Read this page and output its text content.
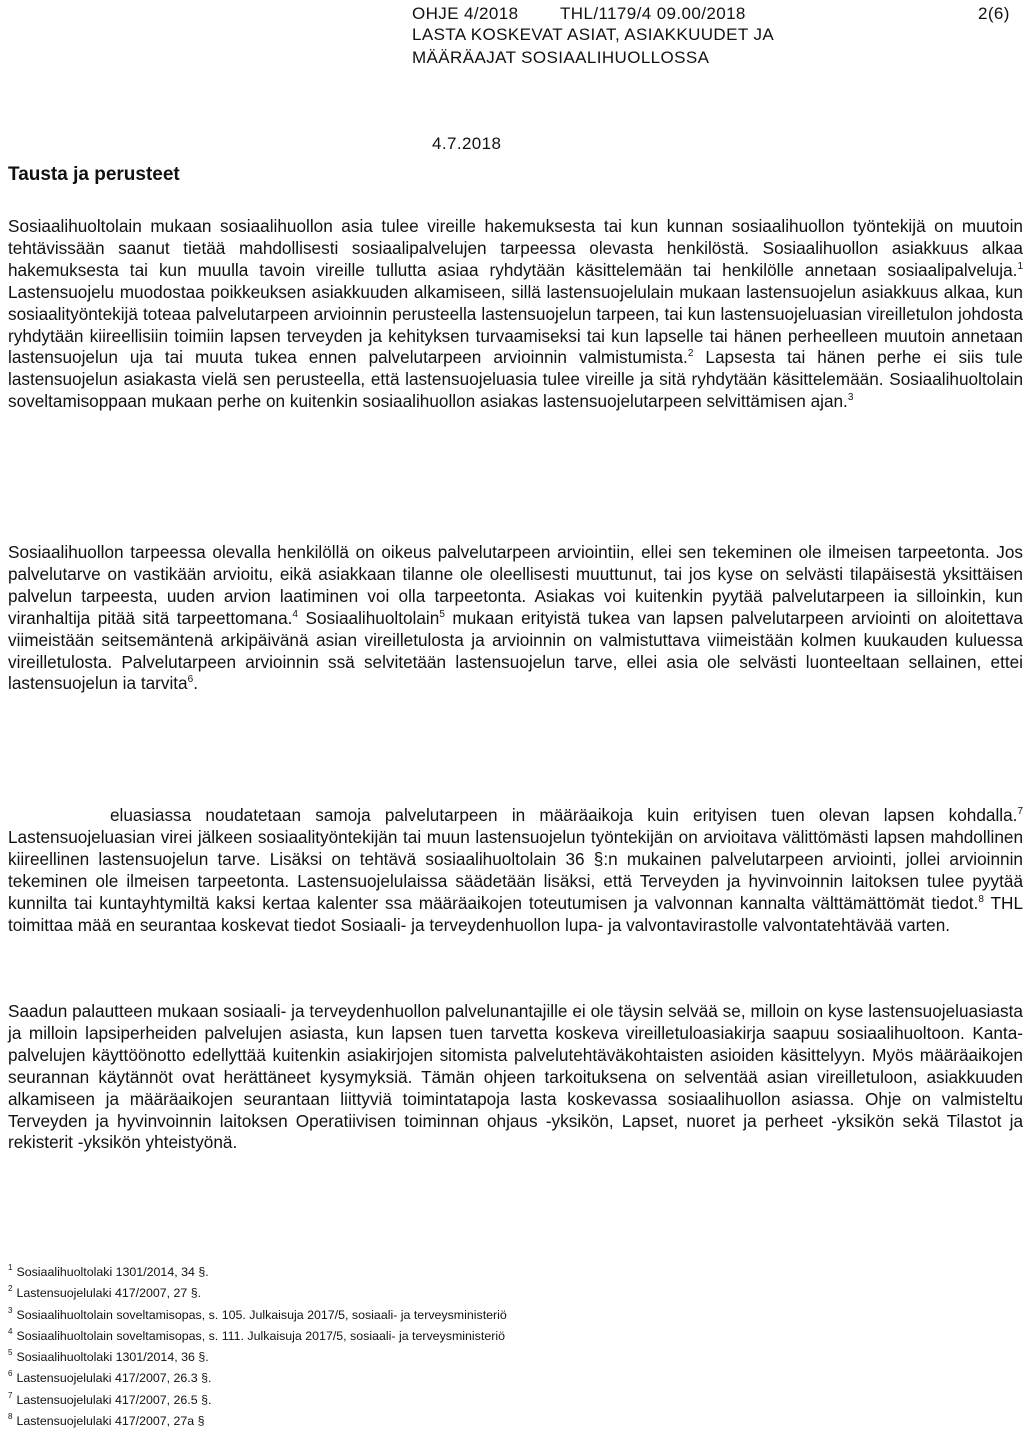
OHJE 4/2018 THL/1179/4 09.00/2018	2(6)
LASTA KOSKEVAT ASIAT, ASIAKKUUDET JA
MÄÄRÄAJAT SOSIAALIHUOLLOSSA
4.7.2018
Tausta ja perusteet

Sosiaalihuoltolain mukaan sosiaalihuollon asia tulee vireille hakemuksesta tai kun kunnan sosiaalihuollon työntekijä on muutoin tehtävissään saanut tietää mahdollisesti sosiaalipalvelujen tarpeessa olevasta henkilöstä. Sosiaalihuollon asiakkuus alkaa hakemuksesta tai kun muulla tavoin vireille tullutta asiaa ryhdytään käsittelemään tai henkilölle annetaan sosiaalipalveluja.$^1$ Lastensuojelu muodostaa poikkeuksen asiakkuuden alkamiseen, sillä lastensuojelulain mukaan lastensuojelun asiakkuus alkaa, kun sosiaalityöntekijä toteaa palvelutarpeen arvioinnin perusteella lastensuojelun tarpeen, tai kun lastensuojeluasian vireilletulon johdosta ryhdytään kiireellisiin toimiin lapsen terveyden ja kehityksen turvaamiseksi tai kun lapselle tai hänen perheelleen muutoin annetaan lastensuojelun uja tai muuta tukea ennen palvelutarpeen arvioinnin valmistumista.$^2$ Lapsesta tai hänen perhe ei siis tule lastensuojelun asiakasta vielä sen perusteella, että lastensuojeluasia tulee vireille ja sitä ryhdytään käsittelemään. Sosiaalihuoltolain soveltamisoppaan mukaan perhe on kuitenkin sosiaalihuollon asiakas lastensuojelutarpeen selvittämisen ajan.$^3$

Sosiaalihuollon tarpeessa olevalla henkilöllä on oikeus palvelutarpeen arviointiin, ellei sen tekeminen ole ilmeisen tarpeetonta. Jos palvelutarve on vastikään arvioitu, eikä asiakkaan tilanne ole oleellisesti muuttunut, tai jos kyse on selvästi tilapäisestä yksittäisen palvelun tarpeesta, uuden arvion laatiminen voi olla tarpeetonta. Asiakas voi kuitenkin pyytää palvelutarpeen ia silloinkin, kun viranhaltija pitää sitä tarpeettomana.$^4$ Sosiaalihuoltolain$^5$ mukaan erityistä tukea van lapsen palvelutarpeen arviointi on aloitettava viimeistään seitsemäntenä arkipäivänä asian vireilletulosta ja arvioinnin on valmistuttava viimeistään kolmen kuukauden kuluessa vireilletulosta. Palvelutarpeen arvioinnin ssä selvitetään lastensuojelun tarve, ellei asia ole selvästi luonteeltaan sellainen, ettei lastensuojelun ia tarvita$^6$.

eluasiassa noudatetaan samoja palvelutarpeen in määräaikoja kuin erityisen tuen olevan lapsen kohdalla.$^7$ Lastensuojeluasian virei jälkeen sosiaalityöntekijän tai muun lastensuojelun työntekijän on arvioitava välittömästi lapsen mahdollinen kiireellinen lastensuojelun tarve. Lisäksi on tehtävä sosiaalihuoltolain 36 §:n mukainen palvelutarpeen arviointi, jollei arvioinnin tekeminen ole ilmeisen tarpeetonta. Lastensuojelulaissa säädetään lisäksi, että Terveyden ja hyvinvoinnin laitoksen tulee pyytää kunnilta tai kuntayhtymiltä kaksi kertaa kalenter ssa määräaikojen toteutumisen ja valvonnan kannalta välttämättömät tiedot.$^8$ THL toimittaa mää en seurantaa koskevat tiedot Sosiaali- ja terveydenhuollon lupa- ja valvontavirastolle valvontatehtävää varten.

Saadun palautteen mukaan sosiaali- ja terveydenhuollon palvelunantajille ei ole täysin selvää se, milloin on kyse lastensuojeluasiasta ja milloin lapsiperheiden palvelujen asiasta, kun lapsen tuen tarvetta koskeva vireilletuloasiakirja saapuu sosiaalihuoltoon. Kanta-palvelujen käyttöönotto edellyttää kuitenkin asiakirjojen sitomista palvelutehtäväkohtaisten asioiden käsittelyyn. Myös määräaikojen seurannan käytännöt ovat herättäneet kysymyksiä. Tämän ohjeen tarkoituksena on selventää asian vireilletuloon, asiakkuuden alkamiseen ja määräaikojen seurantaan liittyviä toimintatapoja lasta koskevassa sosiaalihuollon asiassa. Ohje on valmisteltu Terveyden ja hyvinvoinnin laitoksen Operatiivisen toiminnan ohjaus -yksikön, Lapset, nuoret ja perheet -yksikön sekä Tilastot ja rekisterit -yksikön yhteistyönä.

$^1$ Sosiaalihuoltolaki 1301/2014, 34 §.
$^2$ Lastensuojelulaki 417/2007, 27 §.
$^3$ Sosiaalihuoltolain soveltamisopas, s. 105. Julkaisuja 2017/5, sosiaali- ja terveysministeriö
$^4$ Sosiaalihuoltolain soveltamisopas, s. 111. Julkaisuja 2017/5, sosiaali- ja terveysministeriö
$^5$ Sosiaalihuoltolaki 1301/2014, 36 §.
$^6$ Lastensuojelulaki 417/2007, 26.3 §.
$^7$ Lastensuojelulaki 417/2007, 26.5 §.
$^8$ Lastensuojelulaki 417/2007, 27a §
